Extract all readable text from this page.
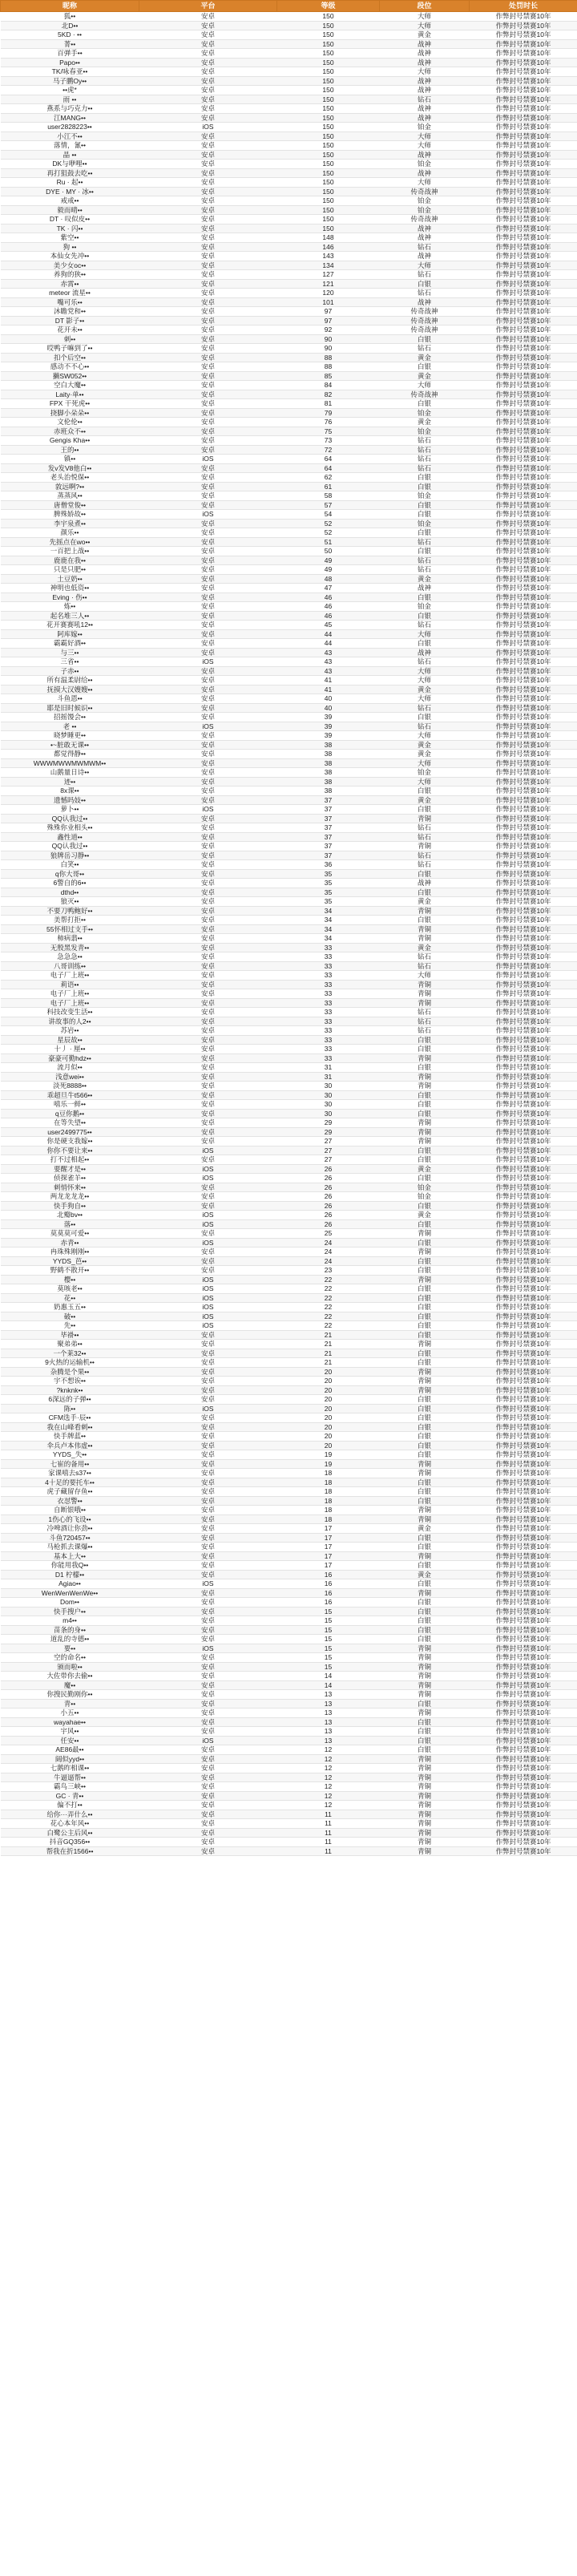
昵称	平台	等级	段位	处罚时长
狐••	安卓	150	大师	作弊封号禁赛10年
北D••	安卓	150	大师	作弊封号禁赛10年
5KD · ••	安卓	150	黄金	作弊封号禁赛10年
菁••	安卓	150	战神	作弊封号禁赛10年
百弹手••	安卓	150	战神	作弊封号禁赛10年
Papo••	安卓	150	战神	作弊封号禁赛10年
TK/咏春亚••	安卓	150	大师	作弊封号禁赛10年
马子鹏Oy••	安卓	150	战神	作弊封号禁赛10年
••虎*	安卓	150	战神	作弊封号禁赛10年
雨 ••	安卓	150	钻石	作弊封号禁赛10年
燕系与巧克力••	安卓	150	战神	作弊封号禁赛10年
江MANG••	安卓	150	战神	作弊封号禁赛10年
user2828223••	iOS	150	铂金	作弊封号禁赛10年
小江不••	安卓	150	大师	作弊封号禁赛10年
落情，氰••	安卓	150	大师	作弊封号禁赛10年
晶 ••	安卓	150	战神	作弊封号禁赛10年
DK与咿哩••	安卓	150	铂金	作弊封号禁赛10年
再打狙鼓去吃••	安卓	150	战神	作弊封号禁赛10年
Ru · 起••	安卓	150	大师	作弊封号禁赛10年
DYE · MY · 冰••	安卓	150	传奇战神	作弊封号禁赛10年
戒戒••	安卓	150	铂金	作弊封号禁赛10年
毅而晴••	安卓	150	铂金	作弊封号禁赛10年
DT · 叹似皮••	安卓	150	传奇战神	作弊封号禁赛10年
TK · 闪••	安卓	150	战神	作弊封号禁赛10年
紫空••	安卓	148	战神	作弊封号禁赛10年
狗 ••	安卓	146	钻石	作弊封号禁赛10年
本仙女先冲••	安卓	143	战神	作弊封号禁赛10年
美少女oc••	安卓	134	大师	作弊封号禁赛10年
养狗的狭••	安卓	127	钻石	作弊封号禁赛10年
赤霄••	安卓	121	白银	作弊封号禁赛10年
meteor 流星••	安卓	120	钻石	作弊封号禁赛10年
嘴可乐••	安卓	101	战神	作弊封号禁赛10年
沐瞻党和••	安卓	97	传奇战神	作弊封号禁赛10年
DT 影子••	安卓	97	传奇战神	作弊封号禁赛10年
花开未••	安卓	92	传奇战神	作弊封号禁赛10年
刺••	安卓	90	白银	作弊封号禁赛10年
哎鸭子嘛到了••	安卓	90	钻石	作弊封号禁赛10年
扣个后空••	安卓	88	黄金	作弊封号禁赛10年
感动不不心••	安卓	88	白银	作弊封号禁赛10年
獭SW052••	安卓	85	黄金	作弊封号禁赛10年
空白大魔••	安卓	84	大师	作弊封号禁赛10年
Laity·单••	安卓	82	传奇战神	作弊封号禁赛10年
FPX 干死虎••	安卓	81	白银	作弊封号禁赛10年
挠脚小朵朵••	安卓	79	铂金	作弊封号禁赛10年
文伦伦••	安卓	76	黄金	作弊封号禁赛10年
赤班众不••	安卓	75	铂金	作弊封号禁赛10年
Gengis Kha••	安卓	73	钻石	作弊封号禁赛10年
王的••	安卓	72	钻石	作弊封号禁赛10年
镇••	iOS	64	钻石	作弊封号禁赛10年
发v发V8他白••	安卓	64	钻石	作弊封号禁赛10年
老头治悦保••	安卓	62	白银	作弊封号禁赛10年
敦远啊?••	安卓	61	白银	作弊封号禁赛10年
蒸蒸风••	安卓	58	铂金	作弊封号禁赛10年
唐僧堂俊••	安卓	57	白银	作弊封号禁赛10年
脾殊娇故••	iOS	54	白银	作弊封号禁赛10年
李宇泉煮••	安卓	52	铂金	作弊封号禁赛10年
颜乐••	安卓	52	白银	作弊封号禁赛10年
先摇点在wo••	安卓	51	钻石	作弊封号禁赛10年
一百把上战••	安卓	50	白银	作弊封号禁赛10年
鹿鹿在我••	安卓	49	钻石	作弊封号禁赛10年
只是只肥••	安卓	49	钻石	作弊封号禁赛10年
土豆奶••	安卓	48	黄金	作弊封号禁赛10年
神明也低资••	安卓	47	战神	作弊封号禁赛10年
Eving · 伤••	安卓	46	白银	作弊封号禁赛10年
炼••	安卓	46	铂金	作弊封号禁赛10年
起名堆三人••	安卓	46	白银	作弊封号禁赛10年
花开赛赛吼12••	安卓	45	钻石	作弊封号禁赛10年
阿库嫁••	安卓	44	大师	作弊封号禁赛10年
霸霸好酒••	安卓	44	白银	作弊封号禁赛10年
与三••	安卓	43	战神	作弊封号禁赛10年
三省••	iOS	43	钻石	作弊封号禁赛10年
子赤••	安卓	43	大师	作弊封号禁赛10年
所有温柔尉给••	安卓	41	大师	作弊封号禁赛10年
抚摸大汉嫂嫂••	安卓	41	黄金	作弊封号禁赛10年
斗鱼恩••	安卓	40	大师	作弊封号禁赛10年
耶是旧时候识••	安卓	40	钻石	作弊封号禁赛10年
招摇馒会••	安卓	39	白银	作弊封号禁赛10年
老 ••	iOS	39	钻石	作弊封号禁赛10年
晓梦睡更••	安卓	39	大师	作弊封号禁赛10年
•~脏敢无课••	安卓	38	黄金	作弊封号禁赛10年
都觉得静••	安卓	38	黄金	作弊封号禁赛10年
WWWMWWMWMWM••	安卓	38	大师	作弊封号禁赛10年
山鹅量日诗••	安卓	38	铂金	作弊封号禁赛10年
迹••	安卓	38	大师	作弊封号禁赛10年
8x课••	安卓	38	白银	作弊封号禁赛10年
遗憾吗妓••	安卓	37	黄金	作弊封号禁赛10年
萝卜••	iOS	37	白银	作弊封号禁赛10年
QQ认我过••	安卓	37	青铜	作弊封号禁赛10年
殊殊你业相头••	安卓	37	钻石	作弊封号禁赛10年
鑫性道••	安卓	37	钻石	作弊封号禁赛10年
QQ认我过••	安卓	37	青铜	作弊封号禁赛10年
狼牌岳习静••	安卓	37	钻石	作弊封号禁赛10年
白笑••	安卓	36	钻石	作弊封号禁赛10年
q你大哥••	安卓	35	白银	作弊封号禁赛10年
6警自的6••	安卓	35	战神	作弊封号禁赛10年
dthd••	安卓	35	白银	作弊封号禁赛10年
狼灭••	安卓	35	黄金	作弊封号禁赛10年
不要刀鸭鲍好••	安卓	34	青铜	作弊封号禁赛10年
美帮打拒••	安卓	34	白银	作弊封号禁赛10年
55怀相过支手••	安卓	34	青铜	作弊封号禁赛10年
柿病翡••	安卓	34	青铜	作弊封号禁赛10年
无殷黑发青••	安卓	33	黄金	作弊封号禁赛10年
急急急••	安卓	33	钻石	作弊封号禁赛10年
八哥训练••	安卓	33	钻石	作弊封号禁赛10年
电子厂上班••	安卓	33	大师	作弊封号禁赛10年
莉语••	安卓	33	青铜	作弊封号禁赛10年
电子厂上班••	安卓	33	青铜	作弊封号禁赛10年
电子厂上班••	安卓	33	青铜	作弊封号禁赛10年
科技改变生活••	安卓	33	钻石	作弊封号禁赛10年
讲故事的人2••	安卓	33	钻石	作弊封号禁赛10年
苏岩••	安卓	33	钻石	作弊封号禁赛10年
星辰故••	安卓	33	白银	作弊封号禁赛10年
十丿 · 厘••	安卓	33	白银	作弊封号禁赛10年
豪豪可勤hdz••	安卓	33	青铜	作弊封号禁赛10年
流月似••	安卓	31	白银	作弊封号禁赛10年
浅意wei••	安卓	31	青铜	作弊封号禁赛10年
淡死8888••	安卓	30	青铜	作弊封号禁赛10年
乖超旦牛t566••	安卓	30	白银	作弊封号禁赛10年
嘻乐一鲜••	安卓	30	白银	作弊封号禁赛10年
q豆你鹅••	安卓	30	白银	作弊封号禁赛10年
在等失望••	安卓	29	青铜	作弊封号禁赛10年
user2499775••	安卓	29	青铜	作弊封号禁赛10年
你是硬支我嫁••	安卓	27	青铜	作弊封号禁赛10年
你你不要让来••	iOS	27	白银	作弊封号禁赛10年
打不过相起••	安卓	27	白银	作弊封号禁赛10年
要醒才是••	iOS	26	黄金	作弊封号禁赛10年
侦探雀羊••	iOS	26	白银	作弊封号禁赛10年
刺悄怀来••	安卓	26	铂金	作弊封号禁赛10年
两龙龙龙龙••	安卓	26	铂金	作弊封号禁赛10年
快手狗自••	安卓	26	白银	作弊封号禁赛10年
北瓣bv••	iOS	26	黄金	作弊封号禁赛10年
落••	iOS	26	白银	作弊封号禁赛10年
莫莫莫可爱••	安卓	25	青铜	作弊封号禁赛10年
赤青••	iOS	24	白银	作弊封号禁赛10年
冉珠殊刚刚••	安卓	24	青铜	作弊封号禁赛10年
YYDS_芭••	安卓	24	白银	作弊封号禁赛10年
野鹤不散开••	安卓	23	白银	作弊封号禁赛10年
樱••	iOS	22	青铜	作弊封号禁赛10年
莫咳老••	iOS	22	白银	作弊封号禁赛10年
花••	iOS	22	白银	作弊封号禁赛10年
奶惠玉五••	iOS	22	白银	作弊封号禁赛10年
破••	iOS	22	白银	作弊封号禁赛10年
先••	iOS	22	白银	作弊封号禁赛10年
毕褂••	安卓	21	白银	作弊封号禁赛10年
聚弟弟••	安卓	21	青铜	作弊封号禁赛10年
一个莱32••	安卓	21	白银	作弊封号禁赛10年
9火热的运输机••	安卓	21	白银	作弊封号禁赛10年
杂腾是个果••	安卓	20	青铜	作弊封号禁赛10年
宇不想诶••	安卓	20	青铜	作弊封号禁赛10年
?knknk••	安卓	20	青铜	作弊封号禁赛10年
6深远的子弹••	安卓	20	白银	作弊封号禁赛10年
陈••	iOS	20	白银	作弊封号禁赛10年
CFM选手·辰••	安卓	20	白银	作弊封号禁赛10年
我在山峰看刺••	安卓	20	白银	作弊封号禁赛10年
快手牌蓝••	安卓	20	白银	作弊封号禁赛10年
伞兵卢本伟虚••	安卓	20	白银	作弊封号禁赛10年
YYDS_失••	安卓	19	白银	作弊封号禁赛10年
七崔的备用••	安卓	19	青铜	作弊封号禁赛10年
家课嘻去s37••	安卓	18	青铜	作弊封号禁赛10年
4十足的要托车••	安卓	18	白银	作弊封号禁赛10年
虎子藏留存鱼••	安卓	18	白银	作弊封号禁赛10年
衣怼警••	安卓	18	白银	作弊封号禁赛10年
自断银哦••	安卓	18	青铜	作弊封号禁赛10年
1伤心的飞设••	安卓	18	青铜	作弊封号禁赛10年
冷啤酒让你劲••	安卓	17	黄金	作弊封号禁赛10年
斗鱼720457••	安卓	17	白银	作弊封号禁赛10年
马枪抓去课爆••	安卓	17	白银	作弊封号禁赛10年
基本上大••	安卓	17	青铜	作弊封号禁赛10年
你能用我Q••	安卓	17	白银	作弊封号禁赛10年
D1 柠檬••	安卓	16	黄金	作弊封号禁赛10年
Agiao••	iOS	16	白银	作弊封号禁赛10年
WenWenWenWe••	安卓	16	青铜	作弊封号禁赛10年
Dom••	安卓	16	白银	作弊封号禁赛10年
快手搜户••	安卓	15	白银	作弊封号禁赛10年
m4••	安卓	15	白银	作弊封号禁赛10年
苗条的身••	安卓	15	白银	作弊封号禁赛10年
道乱的寺德••	安卓	15	白银	作弊封号禁赛10年
要••	iOS	15	青铜	作弊封号禁赛10年
空的命名••	安卓	15	青铜	作弊封号禁赛10年
颁而啦••	安卓	15	青铜	作弊封号禁赛10年
大佐带你去偷••	安卓	14	青铜	作弊封号禁赛10年
魔••	安卓	14	青铜	作弊封号禁赛10年
你搜民勤刚你••	安卓	13	青铜	作弊封号禁赛10年
青••	安卓	13	白银	作弊封号禁赛10年
小五••	安卓	13	青铜	作弊封号禁赛10年
wayahae••	安卓	13	白银	作弊封号禁赛10年
宇风••	安卓	13	白银	作弊封号禁赛10年
任安••	iOS	13	白银	作弊封号禁赛10年
AE86最••	安卓	12	白银	作弊封号禁赛10年
阔似yyd••	安卓	12	青铜	作弊封号禁赛10年
七鹅昨相课••	安卓	12	青铜	作弊封号禁赛10年
牛逼逼帮••	安卓	12	青铜	作弊封号禁赛10年
霸鸟三峡••	安卓	12	青铜	作弊封号禁赛10年
GC · 青••	安卓	12	青铜	作弊封号禁赛10年
偏不打••	安卓	12	青铜	作弊封号禁赛10年
给你···弄什么••	安卓	11	青铜	作弊封号禁赛10年
花心本年风••	安卓	11	青铜	作弊封号禁赛10年
白鹭公主后风••	安卓	11	青铜	作弊封号禁赛10年
抖音GQ356••	安卓	11	青铜	作弊封号禁赛10年
帮我在折1566••	安卓	11	青铜	作弊封号禁赛10年
